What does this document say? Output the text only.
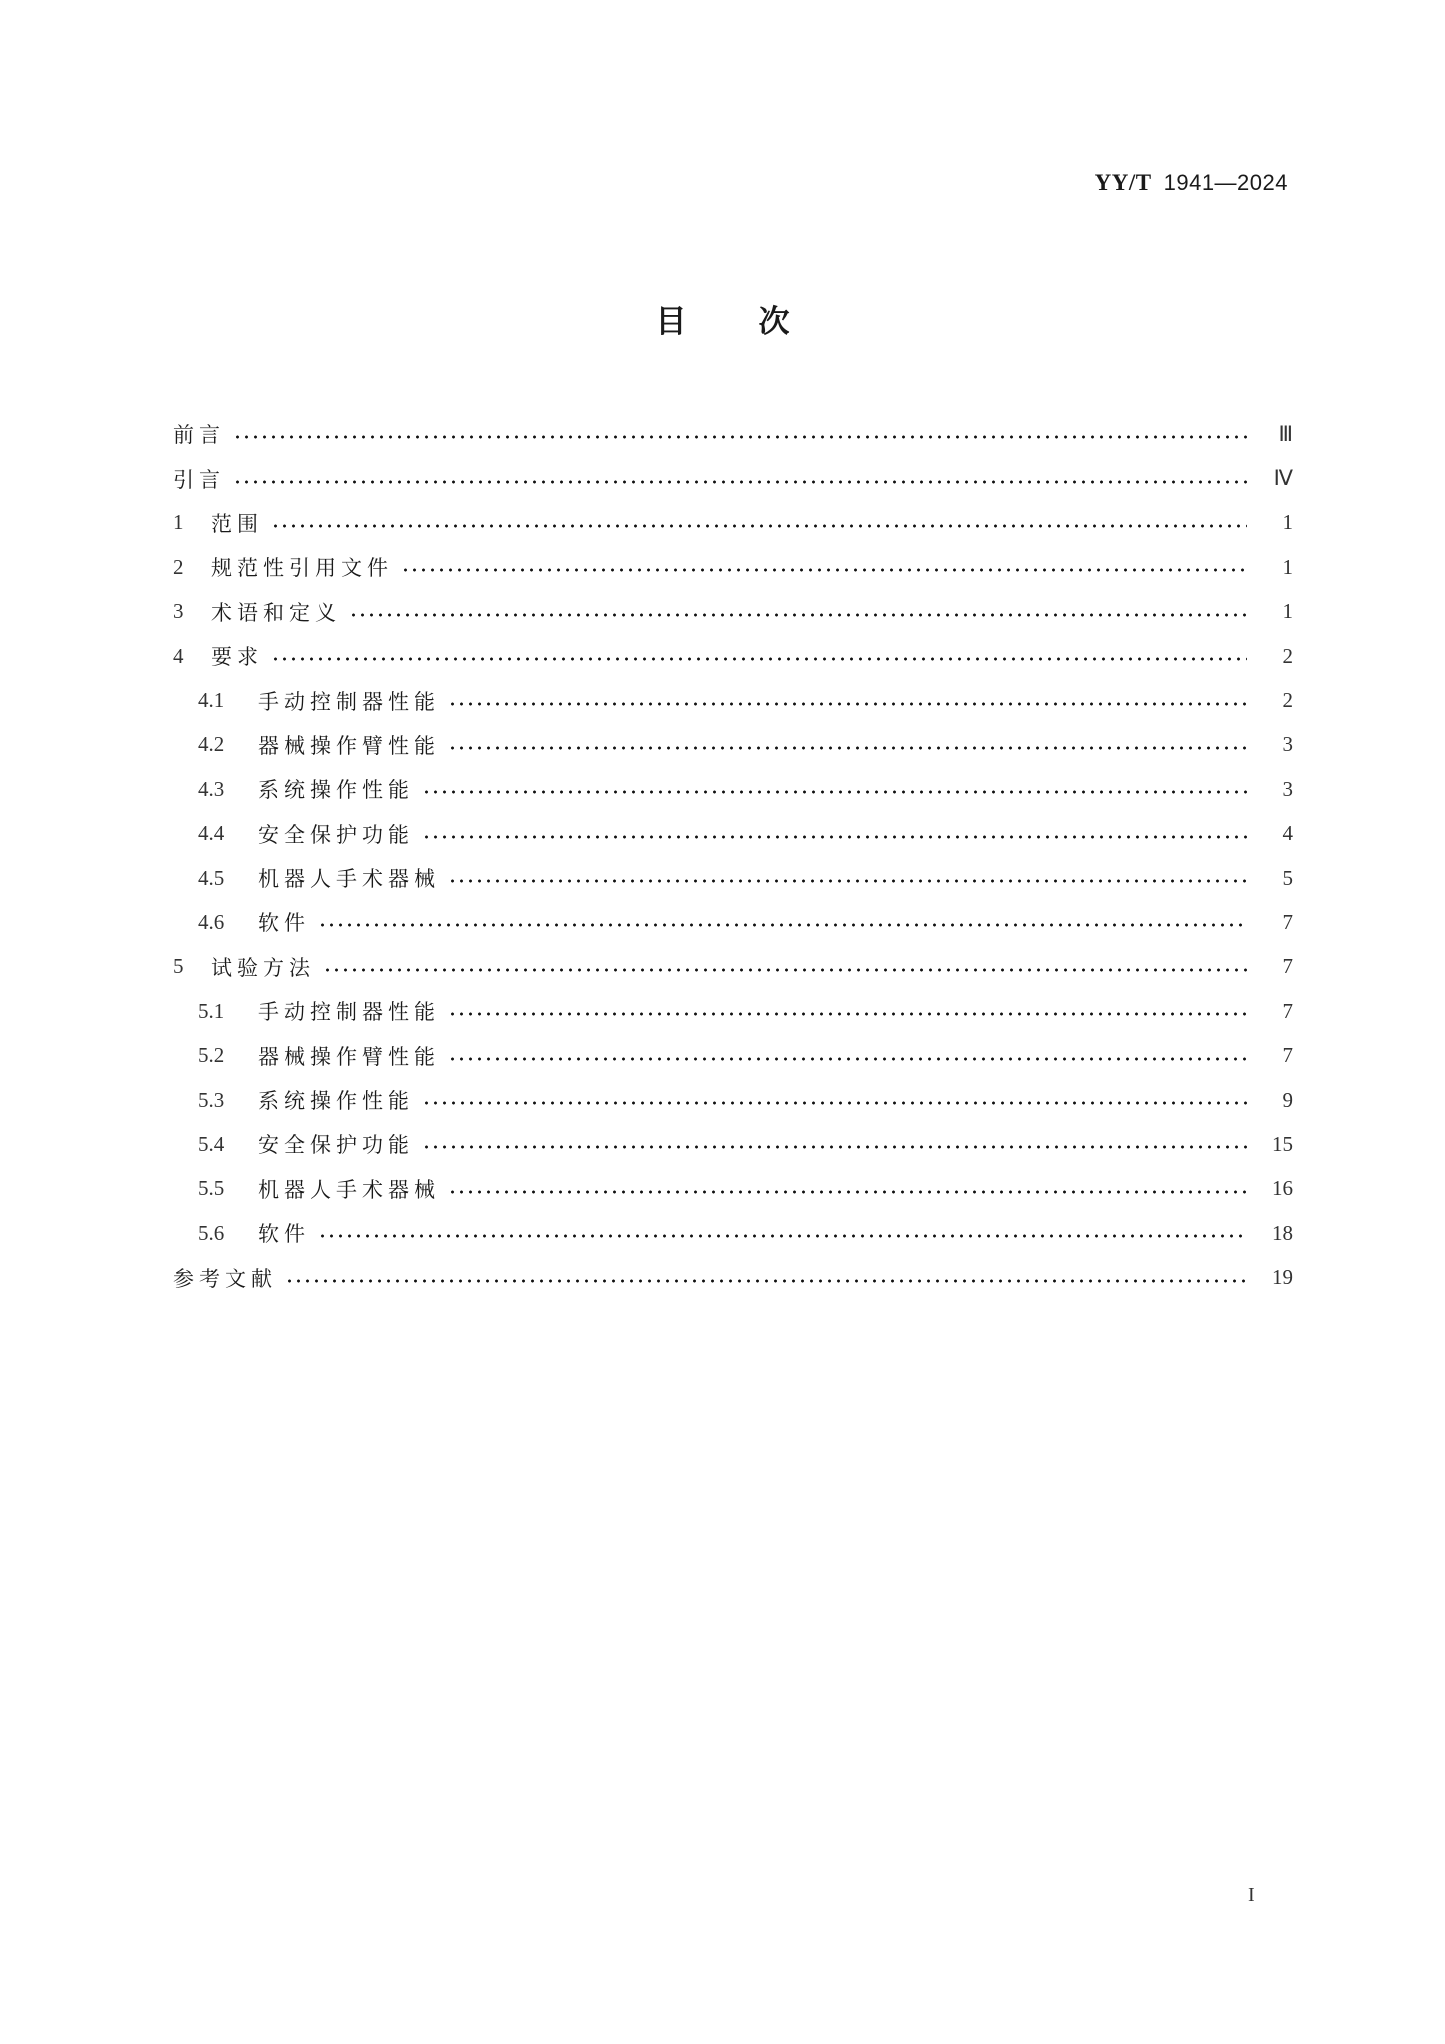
YY/T 1941—2024
目 次
前言	Ⅲ
引言	Ⅳ
1	范围	1
2	规范性引用文件	1
3	术语和定义	1
4	要求	2
4.1	手动控制器性能	2
4.2	器械操作臂性能	3
4.3	系统操作性能	3
4.4	安全保护功能	4
4.5	机器人手术器械	5
4.6	软件	7
5	试验方法	7
5.1	手动控制器性能	7
5.2	器械操作臂性能	7
5.3	系统操作性能	9
5.4	安全保护功能	15
5.5	机器人手术器械	16
5.6	软件	18
参考文献	19
I
